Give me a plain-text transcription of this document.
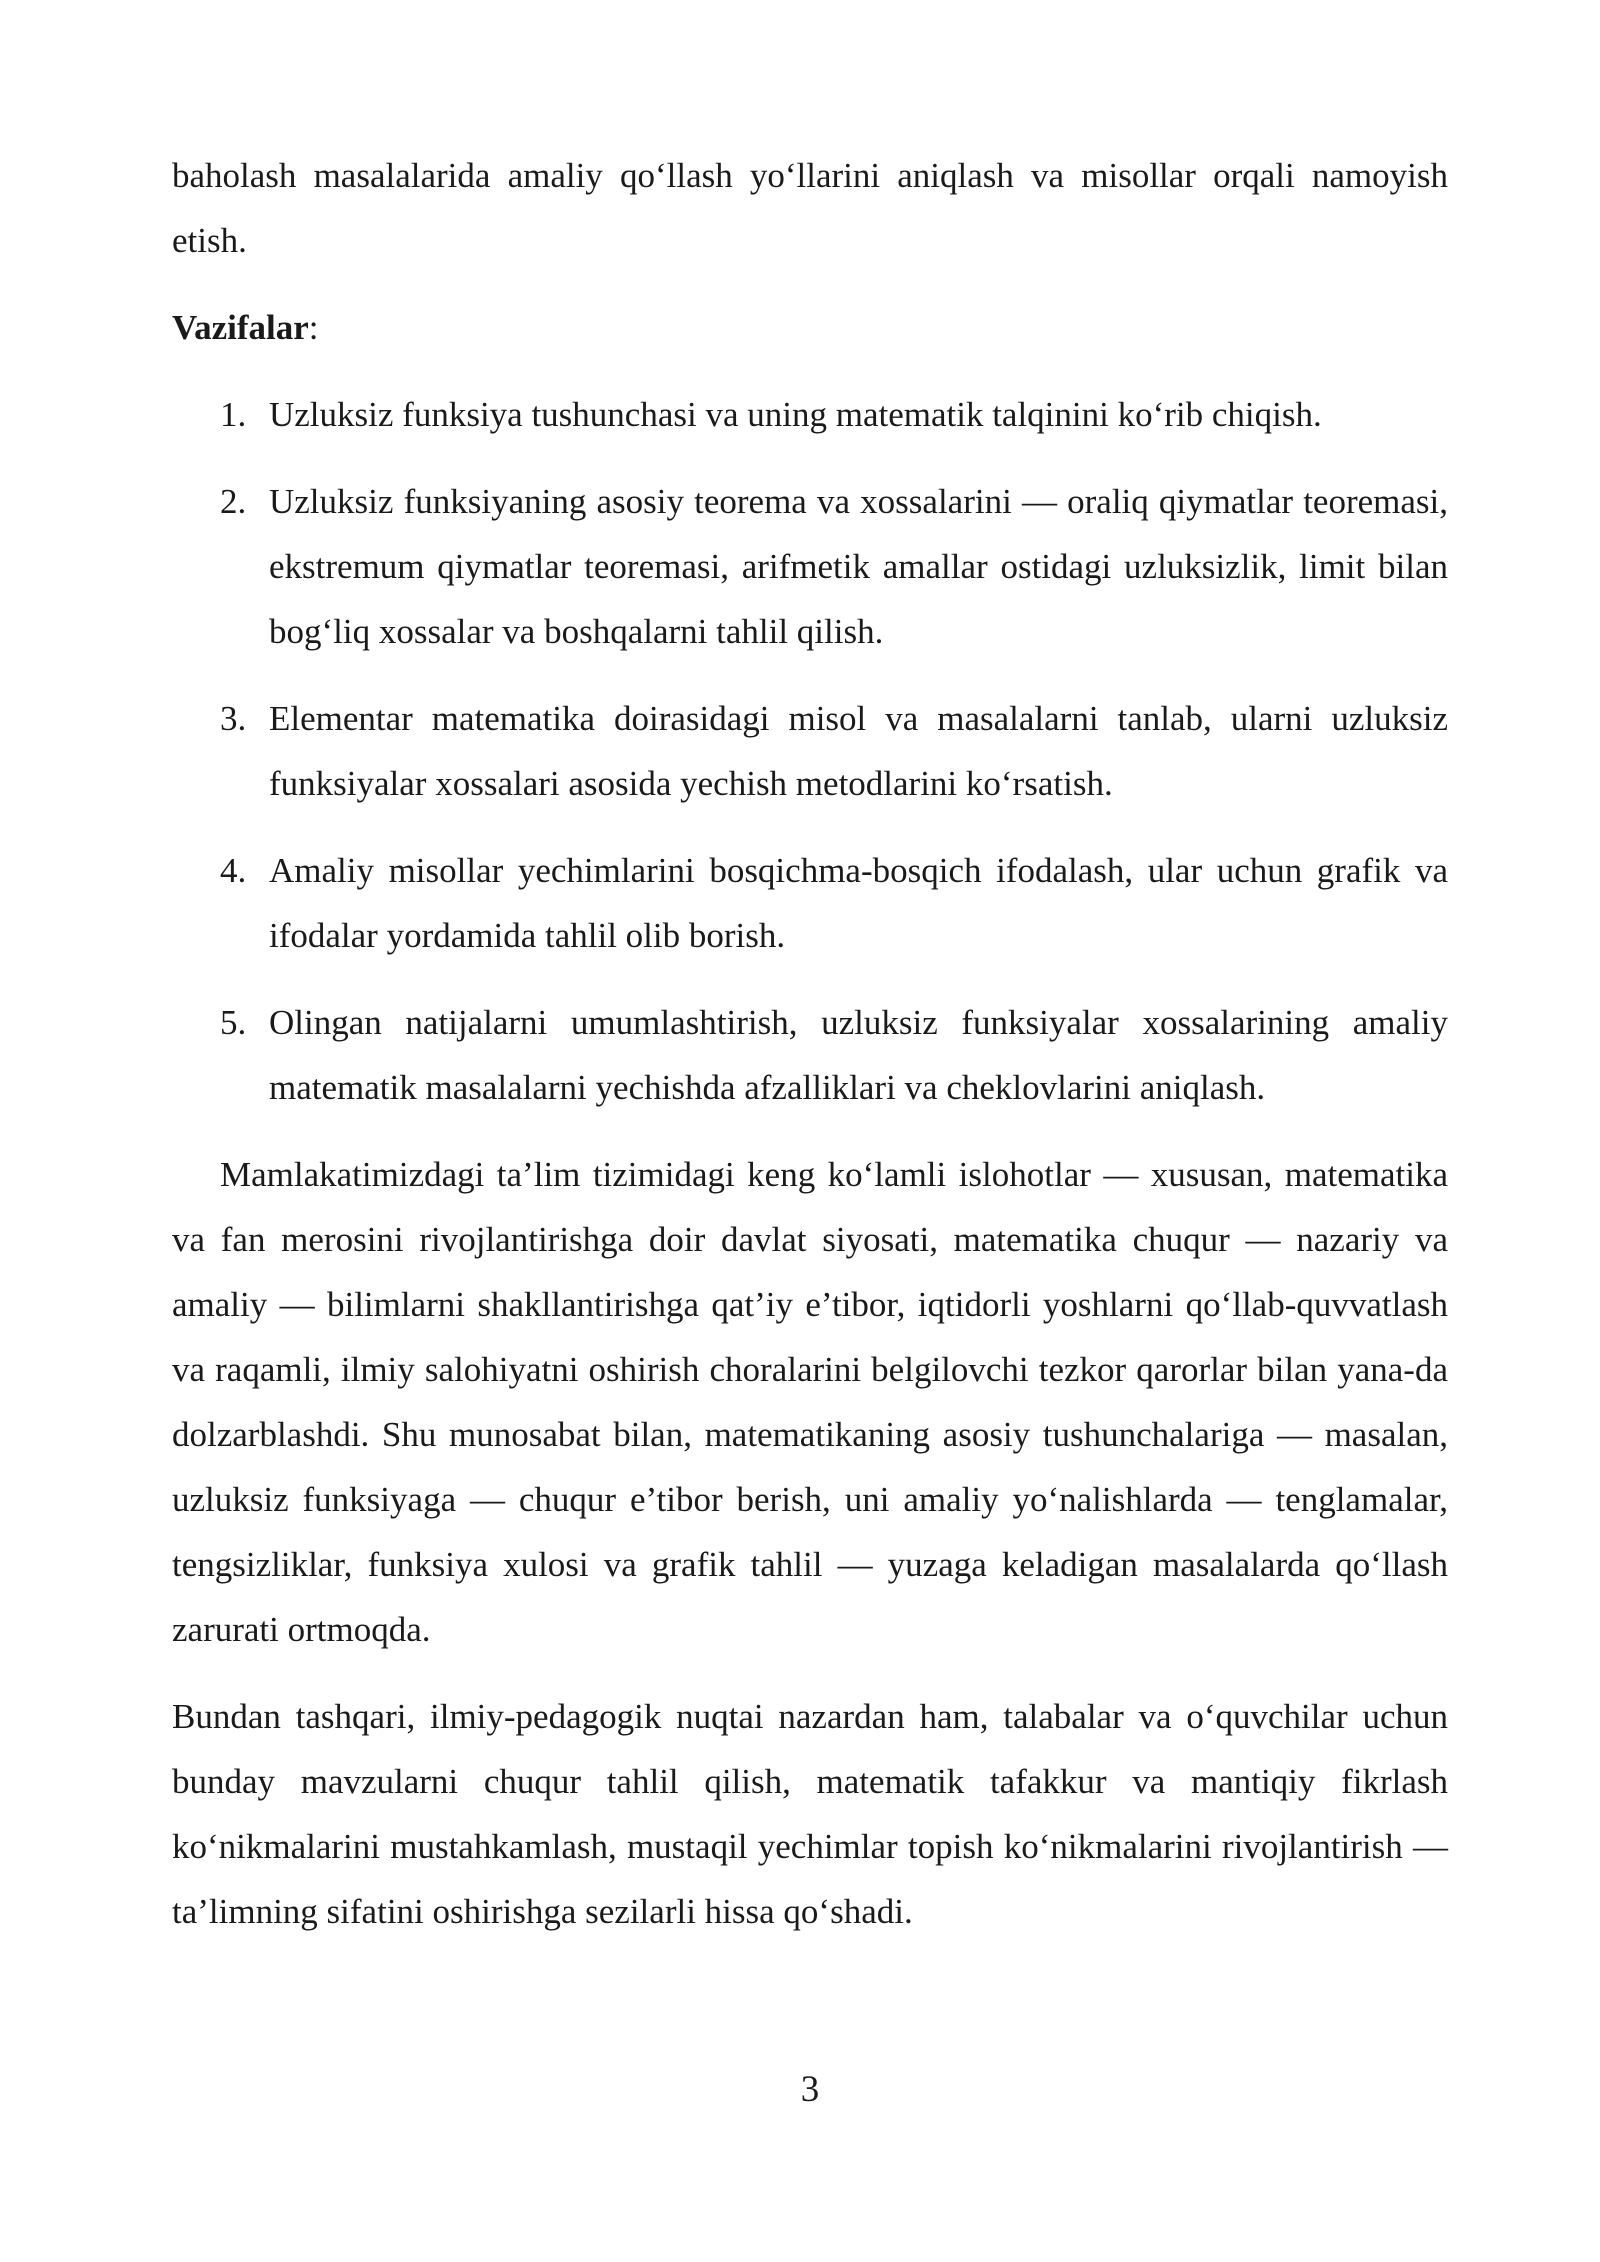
baholash masalalarida amaliy qo‘llash yo‘llarini aniqlash va misollar orqali namoyish etish.

Vazifalar:

1. Uzluksiz funksiya tushunchasi va uning matematik talqinini ko‘rib chiqish.
2. Uzluksiz funksiyaning asosiy teorema va xossalarini — oraliq qiymatlar teoremasi, ekstremum qiymatlar teoremasi, arifmetik amallar ostidagi uzluksizlik, limit bilan bog‘liq xossalar va boshqalarni tahlil qilish.
3. Elementar matematika doirasidagi misol va masalalarni tanlab, ularni uzluksiz funksiyalar xossalari asosida yechish metodlarini ko‘rsatish.
4. Amaliy misollar yechimlarini bosqichma-bosqich ifodalash, ular uchun grafik va ifodalar yordamida tahlil olib borish.
5. Olingan natijalarni umumlashtirish, uzluksiz funksiyalar xossalarining amaliy matematik masalalarni yechishda afzalliklari va cheklovlarini aniqlash.

Mamlakatimizdagi ta’lim tizimidagi keng ko‘lamli islohotlar — xususan, matematika va fan merosini rivojlantirishga doir davlat siyosati, matematika chuqur — nazariy va amaliy — bilimlarni shakllantirishga qat’iy e’tibor, iqtidorli yoshlarni qo‘llab-quvvatlash va raqamli, ilmiy salohiyatni oshirish choralarini belgilovchi tezkor qarorlar bilan yana-da dolzarblashdi. Shu munosabat bilan, matematikaning asosiy tushunchalariga — masalan, uzluksiz funksiyaga — chuqur e’tibor berish, uni amaliy yo‘nalishlarda — tenglamalar, tengsizliklar, funksiya xulosi va grafik tahlil — yuzaga keladigan masalalarda qo‘llash zarurati ortmoqda.

Bundan tashqari, ilmiy-pedagogik nuqtai nazardan ham, talabalar va o‘quvchilar uchun bunday mavzularni chuqur tahlil qilish, matematik tafakkur va mantiqiy fikrlash ko‘nikmalarini mustahkamlash, mustaqil yechimlar topish ko‘nikmalarini rivojlantirish — ta’limning sifatini oshirishga sezilarli hissa qo‘shadi.

3
